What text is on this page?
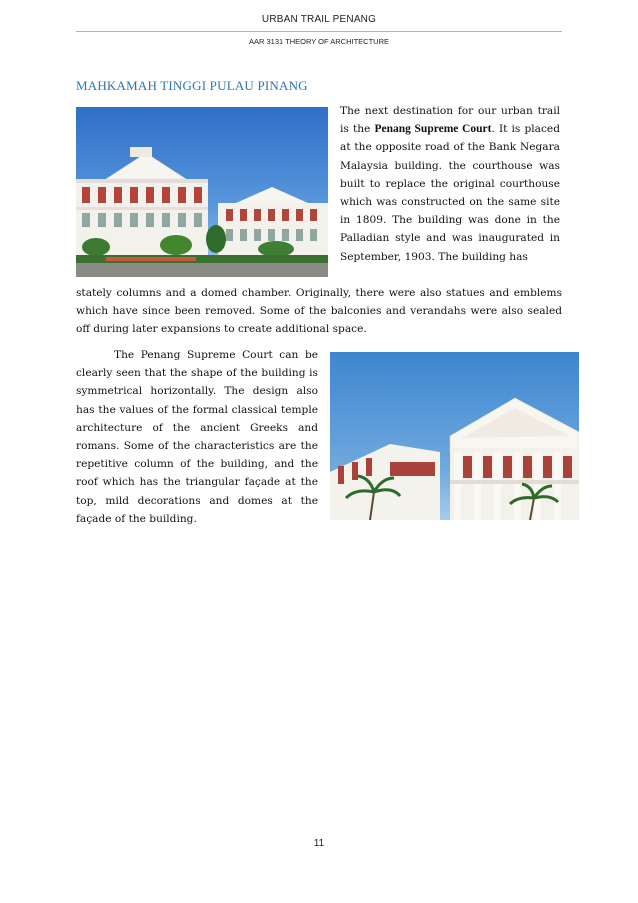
URBAN TRAIL PENANG
AAR 3131 THEORY OF ARCHITECTURE
MAHKAMAH TINGGI PULAU PINANG
The next destination for our urban trail is the Penang Supreme Court. It is placed at the opposite road of the Bank Negara Malaysia building. the courthouse was built to replace the original courthouse which was constructed on the same site in 1809. The building was done in the Palladian style and was inaugurated in September, 1903. The building has
stately columns and a domed chamber. Originally, there were also statues and emblems which have since been removed. Some of the balconies and verandahs were also sealed off during later expansions to create additional space.
The Penang Supreme Court can be clearly seen that the shape of the building is symmetrical horizontally. The design also has the values of the formal classical temple architecture of the ancient Greeks and romans. Some of the characteristics are the repetitive column of the building, and the roof which has the triangular façade at the top, mild decorations and domes at the façade of the building.
11
